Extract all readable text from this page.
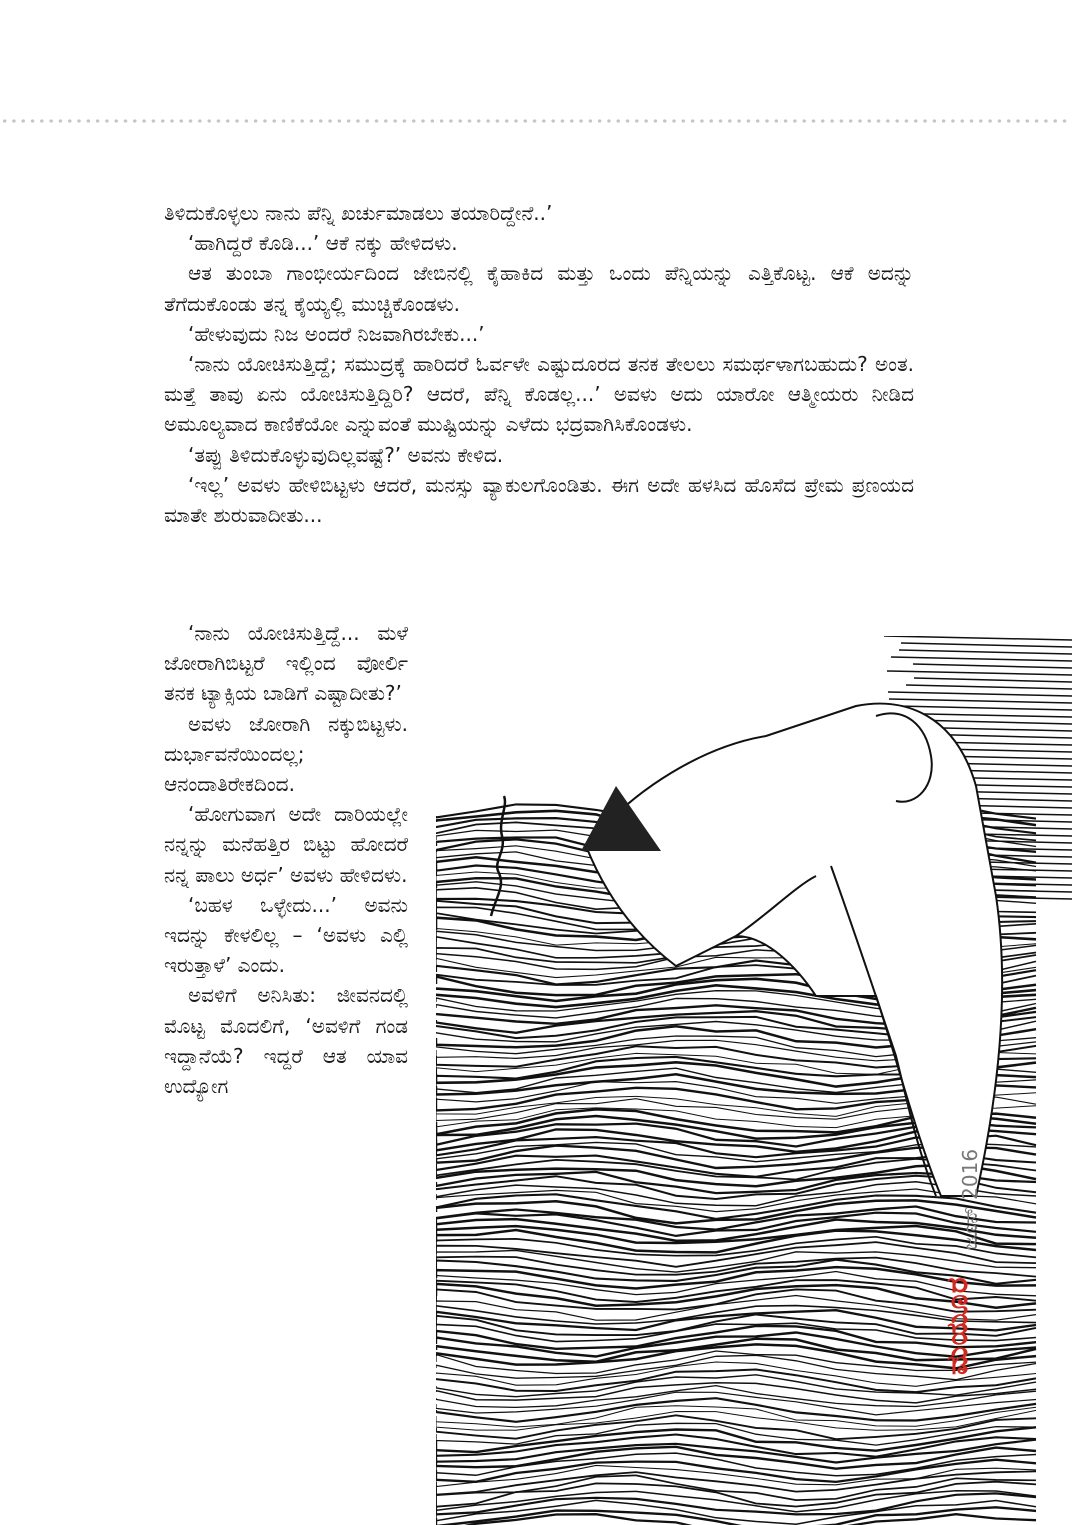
ತಿಳಿದುಕೊಳ್ಳಲು ನಾನು ಪೆನ್ನಿ ಖರ್ಚುಮಾಡಲು ತಯಾರಿದ್ದೇನೆ..’

‘ಹಾಗಿದ್ದರೆ ಕೊಡಿ...’ ಆಕೆ ನಕ್ಕು ಹೇಳಿದಳು.

ಆತ ತುಂಬಾ ಗಾಂಭೀರ್ಯದಿಂದ ಜೇಬಿನಲ್ಲಿ ಕೈಹಾಕಿದ ಮತ್ತು ಒಂದು ಪೆನ್ನಿಯನ್ನು ಎತ್ತಿಕೊಟ್ಟ. ಆಕೆ ಅದನ್ನು ತೆಗೆದುಕೊಂಡು ತನ್ನ ಕೈಯ್ಯಲ್ಲಿ ಮುಚ್ಚಿಕೊಂಡಳು.

‘ಹೇಳುವುದು ನಿಜ ಅಂದರೆ ನಿಜವಾಗಿರಬೇಕು...’

‘ನಾನು ಯೋಚಿಸುತ್ತಿದ್ದೆ; ಸಮುದ್ರಕ್ಕೆ ಹಾರಿದರೆ ಓರ್ವಳೇ ಎಷ್ಟುದೂರದ ತನಕ ತೇಲಲು ಸಮರ್ಥಳಾಗಬಹುದು? ಅಂತ. ಮತ್ತೆ ತಾವು ಏನು ಯೋಚಿಸುತ್ತಿದ್ದಿರಿ? ಆದರೆ, ಪೆನ್ನಿ ಕೊಡಲ್ಲ...’ ಅವಳು ಅದು ಯಾರೋ ಆತ್ಮೀಯರು ನೀಡಿದ ಅಮೂಲ್ಯವಾದ ಕಾಣಿಕೆಯೋ ಎನ್ನುವಂತೆ ಮುಷ್ಟಿಯನ್ನು ಎಳೆದು ಭದ್ರವಾಗಿಸಿಕೊಂಡಳು.

‘ತಪ್ಪು ತಿಳಿದುಕೊಳ್ಳುವುದಿಲ್ಲವಷ್ಟೆ?’ ಅವನು ಕೇಳಿದ.

‘ಇಲ್ಲ’ ಅವಳು ಹೇಳಿಬಿಟ್ಟಳು ಆದರೆ, ಮನಸ್ಸು ವ್ಯಾಕುಲಗೊಂಡಿತು. ಈಗ ಅದೇ ಹಳಸಿದ ಹೊಸೆದ ಪ್ರೇಮ ಪ್ರಣಯದ ಮಾತೇ ಶುರುವಾದೀತು...

‘ನಾನು ಯೋಚಿಸುತ್ತಿದ್ದೆ... ಮಳೆ ಜೋರಾಗಿಬಿಟ್ಟರೆ ಇಲ್ಲಿಂದ ವೋರ್ಲಿ ತನಕ ಟ್ಯಾಕ್ಸಿಯ ಬಾಡಿಗೆ ಎಷ್ಟಾದೀತು?’

ಅವಳು ಜೋರಾಗಿ ನಕ್ಕುಬಿಟ್ಟಳು. ದುರ್ಭಾವನೆಯಿಂದಲ್ಲ; ಆನಂದಾತಿರೇಕದಿಂದ.

‘ಹೋಗುವಾಗ ಅದೇ ದಾರಿಯಲ್ಲೇ ನನ್ನನ್ನು ಮನೆಹತ್ತಿರ ಬಿಟ್ಟು ಹೋದರೆ ನನ್ನ ಪಾಲು ಅರ್ಧ’ ಅವಳು ಹೇಳಿದಳು.

‘ಬಹಳ ಒಳ್ಳೇದು...’ ಅವನು ಇದನ್ನು ಕೇಳಲಿಲ್ಲ – ‘ಅವಳು ಎಲ್ಲಿ ಇರುತ್ತಾಳೆ’ ಎಂದು.

ಅವಳಿಗೆ ಅನಿಸಿತು: ಜೀವನದಲ್ಲಿ ಮೊಟ್ಟ ಮೊದಲಿಗೆ, ‘ಅವಳಿಗೆ ಗಂಡ ಇದ್ದಾನೆಯೆ? ಇದ್ದರೆ ಆತ ಯಾವ ಉದ್ಯೋಗ

ಜೂನ್ 2016
ಮಯೂರ
